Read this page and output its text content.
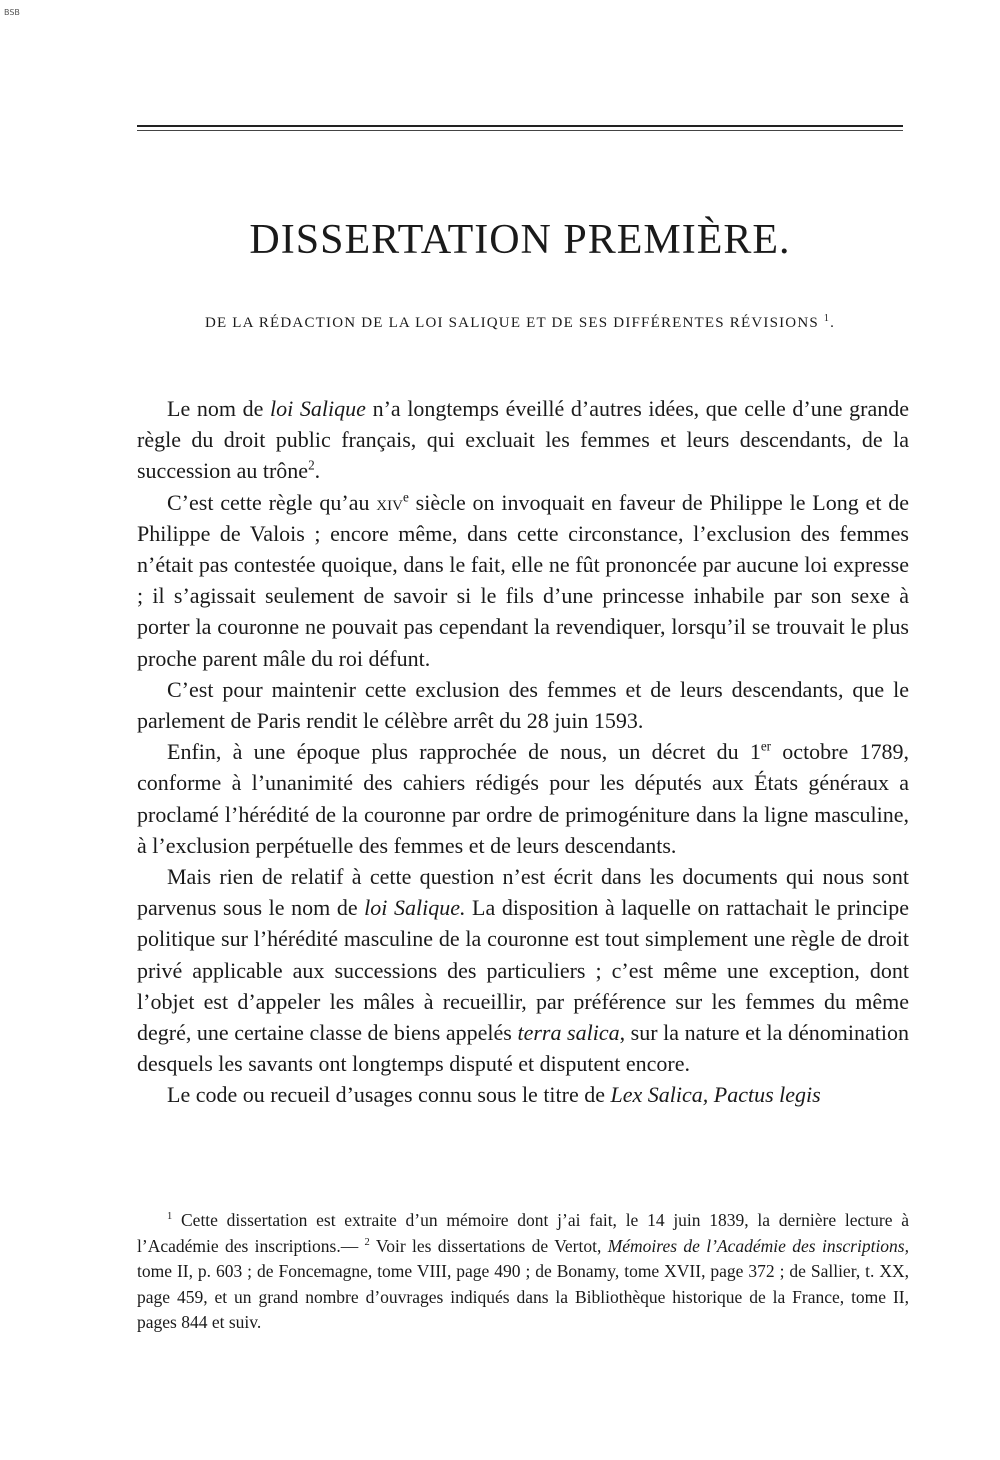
BSB
DISSERTATION PREMIÈRE.
DE LA RÉDACTION DE LA LOI SALIQUE ET DE SES DIFFÉRENTES RÉVISIONS $^1$.

Le nom de loi Salique n’a longtemps éveillé d’autres idées, que celle d’une grande règle du droit public français, qui excluait les femmes et leurs descendants, de la succession au trône$^2$.

C’est cette règle qu’au xiv$^e$ siècle on invoquait en faveur de Philippe le Long et de Philippe de Valois ; encore même, dans cette circonstance, l’exclusion des femmes n’était pas contestée quoique, dans le fait, elle ne fût prononcée par aucune loi expresse ; il s’agissait seulement de savoir si le fils d’une princesse inhabile par son sexe à porter la couronne ne pouvait pas cependant la revendiquer, lorsqu’il se trouvait le plus proche parent mâle du roi défunt.

C’est pour maintenir cette exclusion des femmes et de leurs descendants, que le parlement de Paris rendit le célèbre arrêt du 28 juin 1593.

Enfin, à une époque plus rapprochée de nous, un décret du 1er octobre 1789, conforme à l’unanimité des cahiers rédigés pour les députés aux États généraux a proclamé l’hérédité de la couronne par ordre de primogéniture dans la ligne masculine, à l’exclusion perpétuelle des femmes et de leurs descendants.

Mais rien de relatif à cette question n’est écrit dans les documents qui nous sont parvenus sous le nom de loi Salique. La disposition à laquelle on rattachait le principe politique sur l’hérédité masculine de la couronne est tout simplement une règle de droit privé applicable aux successions des particuliers ; c’est même une exception, dont l’objet est d’appeler les mâles à recueillir, par préférence sur les femmes du même degré, une certaine classe de biens appelés terra salica, sur la nature et la dénomination desquels les savants ont longtemps disputé et disputent encore.

Le code ou recueil d’usages connu sous le titre de Lex Salica, Pactus legis

$^1$ Cette dissertation est extraite d’un mémoire dont j’ai fait, le 14 juin 1839, la dernière lecture à l’Académie des inscriptions.— $^2$ Voir les dissertations de Vertot, Mémoires de l’Académie des inscriptions, tome II, p. 603 ; de Foncemagne, tome VIII, page 490 ; de Bonamy, tome XVII, page 372 ; de Sallier, t. XX, page 459, et un grand nombre d’ouvrages indiqués dans la Bibliothèque historique de la France, tome II, pages 844 et suiv.
